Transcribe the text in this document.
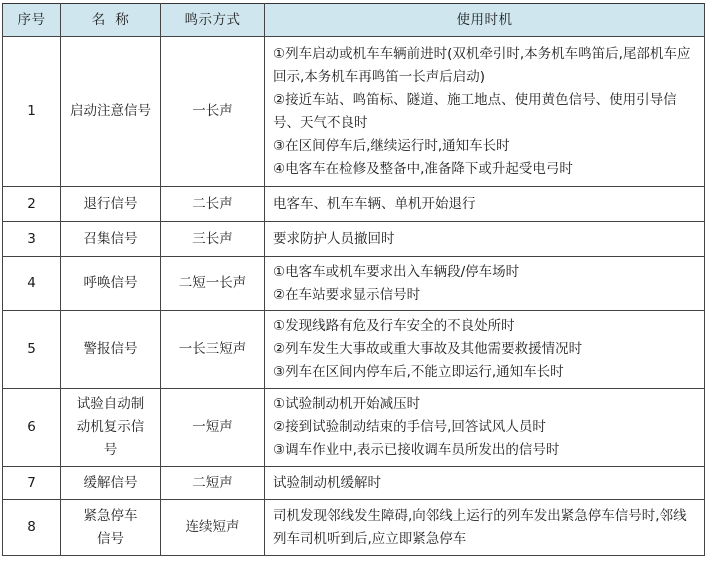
序号	名  称	鸣示方式	使用时机
1	启动注意信号	一长声	①列车启动或机车车辆前进时(双机牵引时,本务机车鸣笛后,尾部机车应回示,本务机车再鸣笛一长声后启动)
②接近车站、鸣笛标、隧道、施工地点、使用黄色信号、使用引导信号、天气不良时
③在区间停车后,继续运行时,通知车长时
④电客车在检修及整备中,准备降下或升起受电弓时

2	退行信号	二长声	电客车、机车车辆、单机开始退行

3	召集信号	三长声	要求防护人员撤回时

4	呼唤信号	二短一长声	①电客车或机车要求出入车辆段/停车场时
②在车站要求显示信号时

5	警报信号	一长三短声	①发现线路有危及行车安全的不良处所时
②列车发生大事故或重大事故及其他需要救援情况时
③列车在区间内停车后,不能立即运行,通知车长时

6	试验自动制动机复示信号	一短声	①试验制动机开始减压时
②接到试验制动结束的手信号,回答试风人员时
③调车作业中,表示已接收调车员所发出的信号时

7	缓解信号	二短声	试验制动机缓解时

8	紧急停车信号	连续短声	司机发现邻线发生障碍,向邻线上运行的列车发出紧急停车信号时,邻线列车司机听到后,应立即紧急停车
